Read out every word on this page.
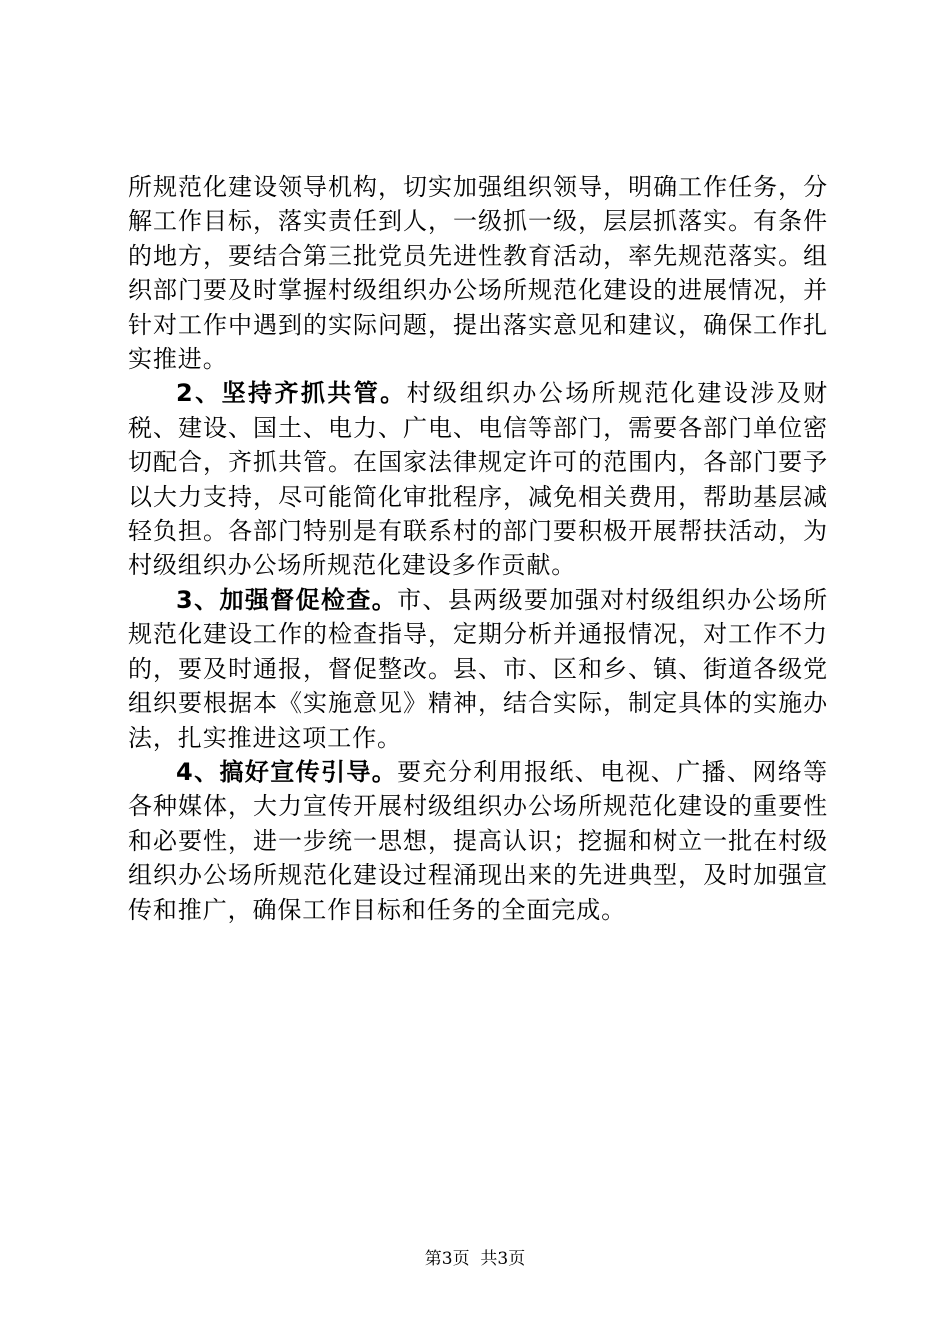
所规范化建设领导机构，切实加强组织领导，明确工作任务，分解工作目标，落实责任到人，一级抓一级，层层抓落实。有条件的地方，要结合第三批党员先进性教育活动，率先规范落实。组织部门要及时掌握村级组织办公场所规范化建设的进展情况，并针对工作中遇到的实际问题，提出落实意见和建议，确保工作扎实推进。

2、坚持齐抓共管。村级组织办公场所规范化建设涉及财税、建设、国土、电力、广电、电信等部门，需要各部门单位密切配合，齐抓共管。在国家法律规定许可的范围内，各部门要予以大力支持，尽可能简化审批程序，减免相关费用，帮助基层减轻负担。各部门特别是有联系村的部门要积极开展帮扶活动，为村级组织办公场所规范化建设多作贡献。

3、加强督促检查。市、县两级要加强对村级组织办公场所规范化建设工作的检查指导，定期分析并通报情况，对工作不力的，要及时通报，督促整改。县、市、区和乡、镇、街道各级党组织要根据本《实施意见》精神，结合实际，制定具体的实施办法，扎实推进这项工作。

4、搞好宣传引导。要充分利用报纸、电视、广播、网络等各种媒体，大力宣传开展村级组织办公场所规范化建设的重要性和必要性，进一步统一思想，提高认识；挖掘和树立一批在村级组织办公场所规范化建设过程涌现出来的先进典型，及时加强宣传和推广，确保工作目标和任务的全面完成。

第3页  共3页
